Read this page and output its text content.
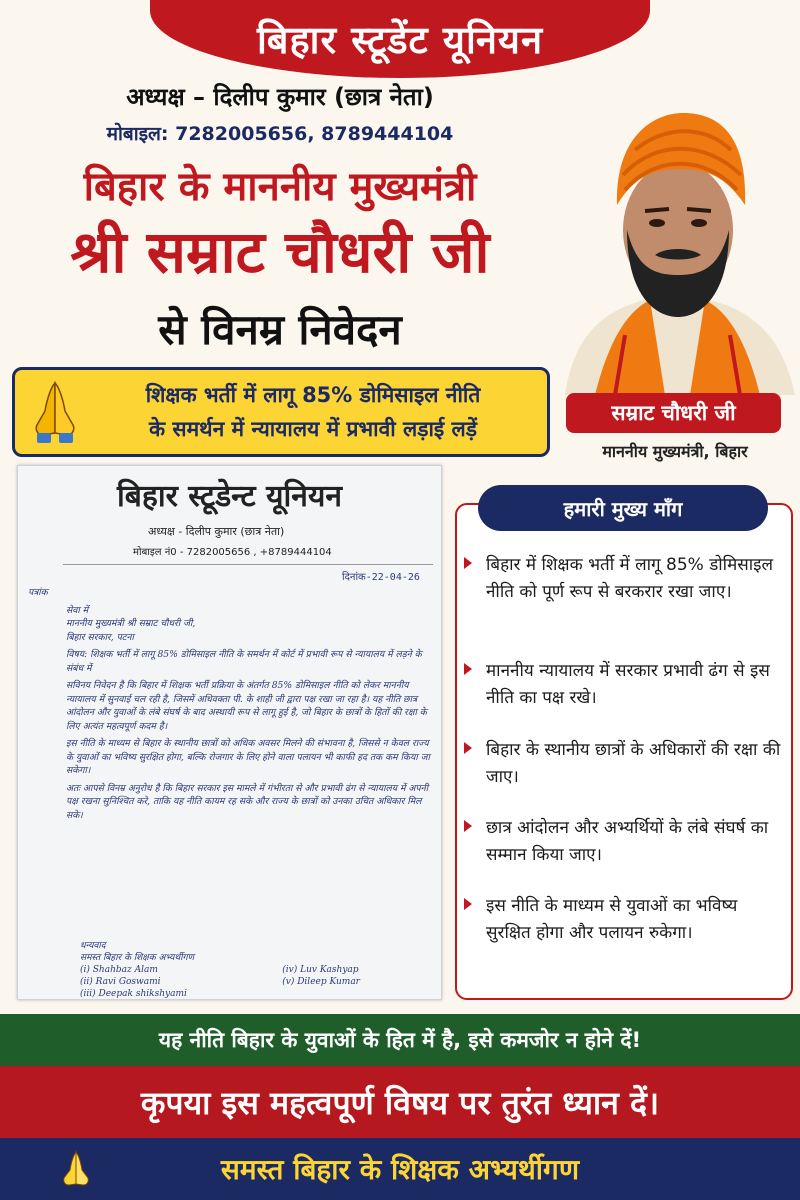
बिहार स्टूडेंट यूनियन
अध्यक्ष – दिलीप कुमार (छात्र नेता)
मोबाइल: 7282005656, 8789444104
बिहार के माननीय मुख्यमंत्री
श्री सम्राट चौधरी जी
से विनम्र निवेदन
शिक्षक भर्ती में लागू 85% डोमिसाइल नीति
के समर्थन में न्यायालय में प्रभावी लड़ाई लड़ें
सम्राट चौधरी जी
माननीय मुख्यमंत्री, बिहार
बिहार स्टूडेन्ट यूनियन
अध्यक्ष - दिलीप कुमार (छात्र नेता)
मोबाइल नं0 - 7282005656 , +8789444104
दिनांक-22-04-26

पत्रांक

सेवा में
माननीय मुख्यमंत्री श्री सम्राट चौधरी जी,
बिहार सरकार, पटना

विषय: शिक्षक भर्ती में लागू 85% डोमिसाइल नीति के समर्थन में कोर्ट में प्रभावी रूप से न्यायालय में लड़ने के संबंध में

सविनय निवेदन है कि बिहार में शिक्षक भर्ती प्रक्रिया के अंतर्गत 85% डोमिसाइल नीति को लेकर माननीय न्यायालय में सुनवाई चल रही है, जिसमें अधिवक्ता पी. के शाही जी द्वारा पक्ष रखा जा रहा है। यह नीति छात्र आंदोलन और युवाओं के लंबे संघर्ष के बाद अस्थायी रूप से लागू हुई है, जो बिहार के छात्रों के हितों की रक्षा के लिए अत्यंत महत्वपूर्ण कदम है।

इस नीति के माध्यम से बिहार के स्थानीय छात्रों को अधिक अवसर मिलने की संभावना है, जिससे न केवल राज्य के युवाओं का भविष्य सुरक्षित होगा, बल्कि रोजगार के लिए होने वाला पलायन भी काफी हद तक कम किया जा सकेगा।

अतः आपसे विनम्र अनुरोध है कि बिहार सरकार इस मामले में गंभीरता से और प्रभावी ढंग से न्यायालय में अपनी पक्ष रखना सुनिश्चित करे, ताकि यह नीति कायम रह सके और राज्य के छात्रों को उनका उचित अधिकार मिल सके।

धन्यवाद
समस्त बिहार के शिक्षक अभ्यर्थीगण
(i) Shahbaz Alam
(ii) Ravi Goswami
(iii) Deepak shikshyami
(iv) Luv Kashyap
(v) Dileep Kumar
हमारी मुख्य माँग
बिहार में शिक्षक भर्ती में लागू 85% डोमिसाइल नीति को पूर्ण रूप से बरकरार रखा जाए।
माननीय न्यायालय में सरकार प्रभावी ढंग से इस नीति का पक्ष रखे।
बिहार के स्थानीय छात्रों के अधिकारों की रक्षा की जाए।
छात्र आंदोलन और अभ्यर्थियों के लंबे संघर्ष का सम्मान किया जाए।
इस नीति के माध्यम से युवाओं का भविष्य सुरक्षित होगा और पलायन रुकेगा।
यह नीति बिहार के युवाओं के हित में है, इसे कमजोर न होने दें!
कृपया इस महत्वपूर्ण विषय पर तुरंत ध्यान दें।
समस्त बिहार के शिक्षक अभ्यर्थीगण
